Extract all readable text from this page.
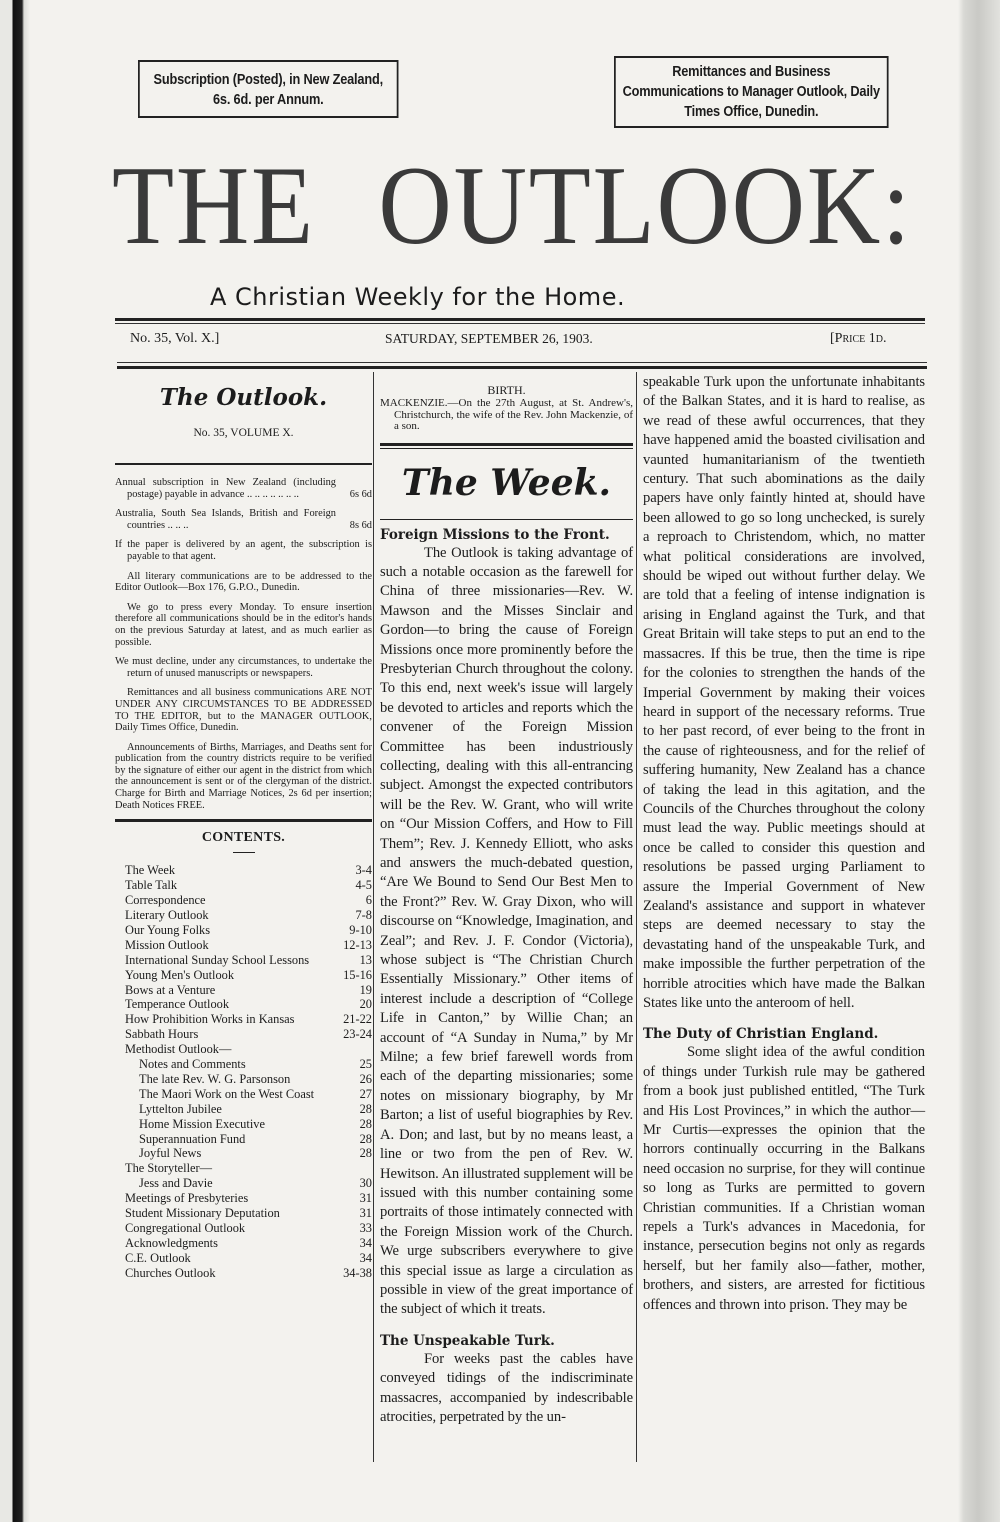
Subscription (Posted), in New Zealand, 6s. 6d. per Annum.
Remittances and Business Communications to Manager Outlook, Daily Times Office, Dunedin.
THE OUTLOOK:
A Christian Weekly for the Home.
No. 35, Vol. X.]	SATURDAY, SEPTEMBER 26, 1903.	[Price 1d.
The Outlook.
No. 35, VOLUME X.

Annual subscription in New Zealand (including postage) payable in advance .. .. .. .. .. .. ..	6s 6d

Australia, South Sea Islands, British and Foreign countries .. .. ..	8s 6d

If the paper is delivered by an agent, the subscription is payable to that agent.

All literary communications are to be addressed to the Editor Outlook—Box 176, G.P.O., Dunedin.

We go to press every Monday. To ensure insertion therefore all communications should be in the editor's hands on the previous Saturday at latest, and as much earlier as possible.

We must decline, under any circumstances, to undertake the return of unused manuscripts or newspapers.

Remittances and all business communications ARE NOT UNDER ANY CIRCUMSTANCES TO BE ADDRESSED TO THE EDITOR, but to the MANAGER OUTLOOK, Daily Times Office, Dunedin.

Announcements of Births, Marriages, and Deaths sent for publication from the country districts require to be verified by the signature of either our agent in the district from which the announcement is sent or of the clergyman of the district. Charge for Birth and Marriage Notices, 2s 6d per insertion; Death Notices FREE.

CONTENTS.
The Week	3-4
Table Talk	4-5
Correspondence	6
Literary Outlook	7-8
Our Young Folks	9-10
Mission Outlook	12-13
International Sunday School Lessons	13
Young Men's Outlook	15-16
Bows at a Venture	19
Temperance Outlook	20
How Prohibition Works in Kansas	21-22
Sabbath Hours	23-24
Methodist Outlook—
Notes and Comments	25
The late Rev. W. G. Parsonson	26
The Maori Work on the West Coast	27
Lyttelton Jubilee	28
Home Mission Executive	28
Superannuation Fund	28
Joyful News	28
The Storyteller—
Jess and Davie	30
Meetings of Presbyteries	31
Student Missionary Deputation	31
Congregational Outlook	33
Acknowledgments	34
C.E. Outlook	34
Churches Outlook	34-38
BIRTH.
MACKENZIE.—On the 27th August, at St. Andrew's, Christchurch, the wife of the Rev. John Mackenzie, of a son.
The Week.
Foreign Missions to the Front.

The Outlook is taking advantage of such a notable occasion as the farewell for China of three missionaries—Rev. W. Mawson and the Misses Sinclair and Gordon—to bring the cause of Foreign Missions once more prominently before the Presbyterian Church throughout the colony. To this end, next week's issue will largely be devoted to articles and reports which the convener of the Foreign Mission Committee has been industriously collecting, dealing with this all-entrancing subject. Amongst the expected contributors will be the Rev. W. Grant, who will write on “Our Mission Coffers, and How to Fill Them”; Rev. J. Kennedy Elliott, who asks and answers the much-debated question, “Are We Bound to Send Our Best Men to the Front?” Rev. W. Gray Dixon, who will discourse on “Knowledge, Imagination, and Zeal”; and Rev. J. F. Condor (Victoria), whose subject is “The Christian Church Essentially Missionary.” Other items of interest include a description of “College Life in Canton,” by Willie Chan; an account of “A Sunday in Numa,” by Mr Milne; a few brief farewell words from each of the departing missionaries; some notes on missionary biography, by Mr Barton; a list of useful biographies by Rev. A. Don; and last, but by no means least, a line or two from the pen of Rev. W. Hewitson. An illustrated supplement will be issued with this number containing some portraits of those intimately connected with the Foreign Mission work of the Church. We urge subscribers everywhere to give this special issue as large a circulation as possible in view of the great importance of the subject of which it treats.

The Unspeakable Turk.

For weeks past the cables have conveyed tidings of the indiscriminate massacres, accompanied by indescribable atrocities, perpetrated by the un-

speakable Turk upon the unfortunate inhabitants of the Balkan States, and it is hard to realise, as we read of these awful occurrences, that they have happened amid the boasted civilisation and vaunted humanitarianism of the twentieth century. That such abominations as the daily papers have only faintly hinted at, should have been allowed to go so long unchecked, is surely a reproach to Christendom, which, no matter what political considerations are involved, should be wiped out without further delay. We are told that a feeling of intense indignation is arising in England against the Turk, and that Great Britain will take steps to put an end to the massacres. If this be true, then the time is ripe for the colonies to strengthen the hands of the Imperial Government by making their voices heard in support of the necessary reforms. True to her past record, of ever being to the front in the cause of righteousness, and for the relief of suffering humanity, New Zealand has a chance of taking the lead in this agitation, and the Councils of the Churches throughout the colony must lead the way. Public meetings should at once be called to consider this question and resolutions be passed urging Parliament to assure the Imperial Government of New Zealand's assistance and support in whatever steps are deemed necessary to stay the devastating hand of the unspeakable Turk, and make impossible the further perpetration of the horrible atrocities which have made the Balkan States like unto the anteroom of hell.

The Duty of Christian England.

Some slight idea of the awful condition of things under Turkish rule may be gathered from a book just published entitled, “The Turk and His Lost Provinces,” in which the author—Mr Curtis—expresses the opinion that the horrors continually occurring in the Balkans need occasion no surprise, for they will continue so long as Turks are permitted to govern Christian communities. If a Christian woman repels a Turk's advances in Macedonia, for instance, persecution begins not only as regards herself, but her family also—father, mother, brothers, and sisters, are arrested for fictitious offences and thrown into prison. They may be
